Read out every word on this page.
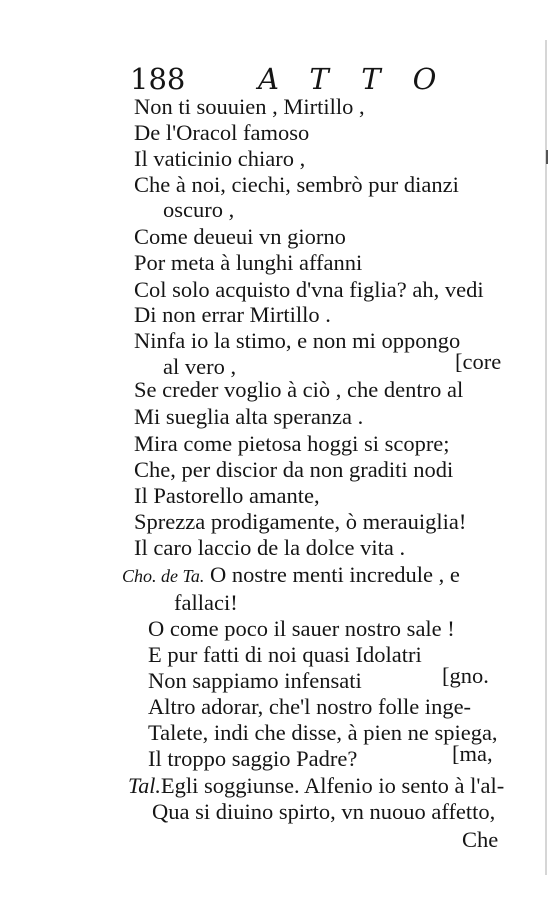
188	ATTO
Non ti souuien , Mirtillo ,
De l'Oracol famoso
Il vaticinio chiaro ,
Che à noi, ciechi, sembrò pur dianzi
oscuro ,
Come deueui vn giorno
Por meta à lunghi affanni
Col solo acquisto d'vna figlia? ah, vedi
Di non errar Mirtillo .
Ninfa io la stimo, e non mi oppongo
al vero ,	[core
Se creder voglio à ciò , che dentro al
Mi sueglia alta speranza .
Mira come pietosa hoggi si scopre;
Che, per discior da non graditi nodi
Il Pastorello amante,
Sprezza prodigamente, ò merauiglia!
Il caro laccio de la dolce vita .
Cho. de Ta. O nostre menti incredule , e
fallaci!
O come poco il sauer nostro sale !
E pur fatti di noi quasi Idolatri
Non sappiamo infensati	[gno.
Altro adorar, che'l nostro folle inge-
Talete, indi che disse, à pien ne spiega,
Il troppo saggio Padre?	[ma,
Tal.Egli soggiunse. Alfenio io sento à l'al-
Qua si diuino spirto, vn nuouo affetto,
Che
